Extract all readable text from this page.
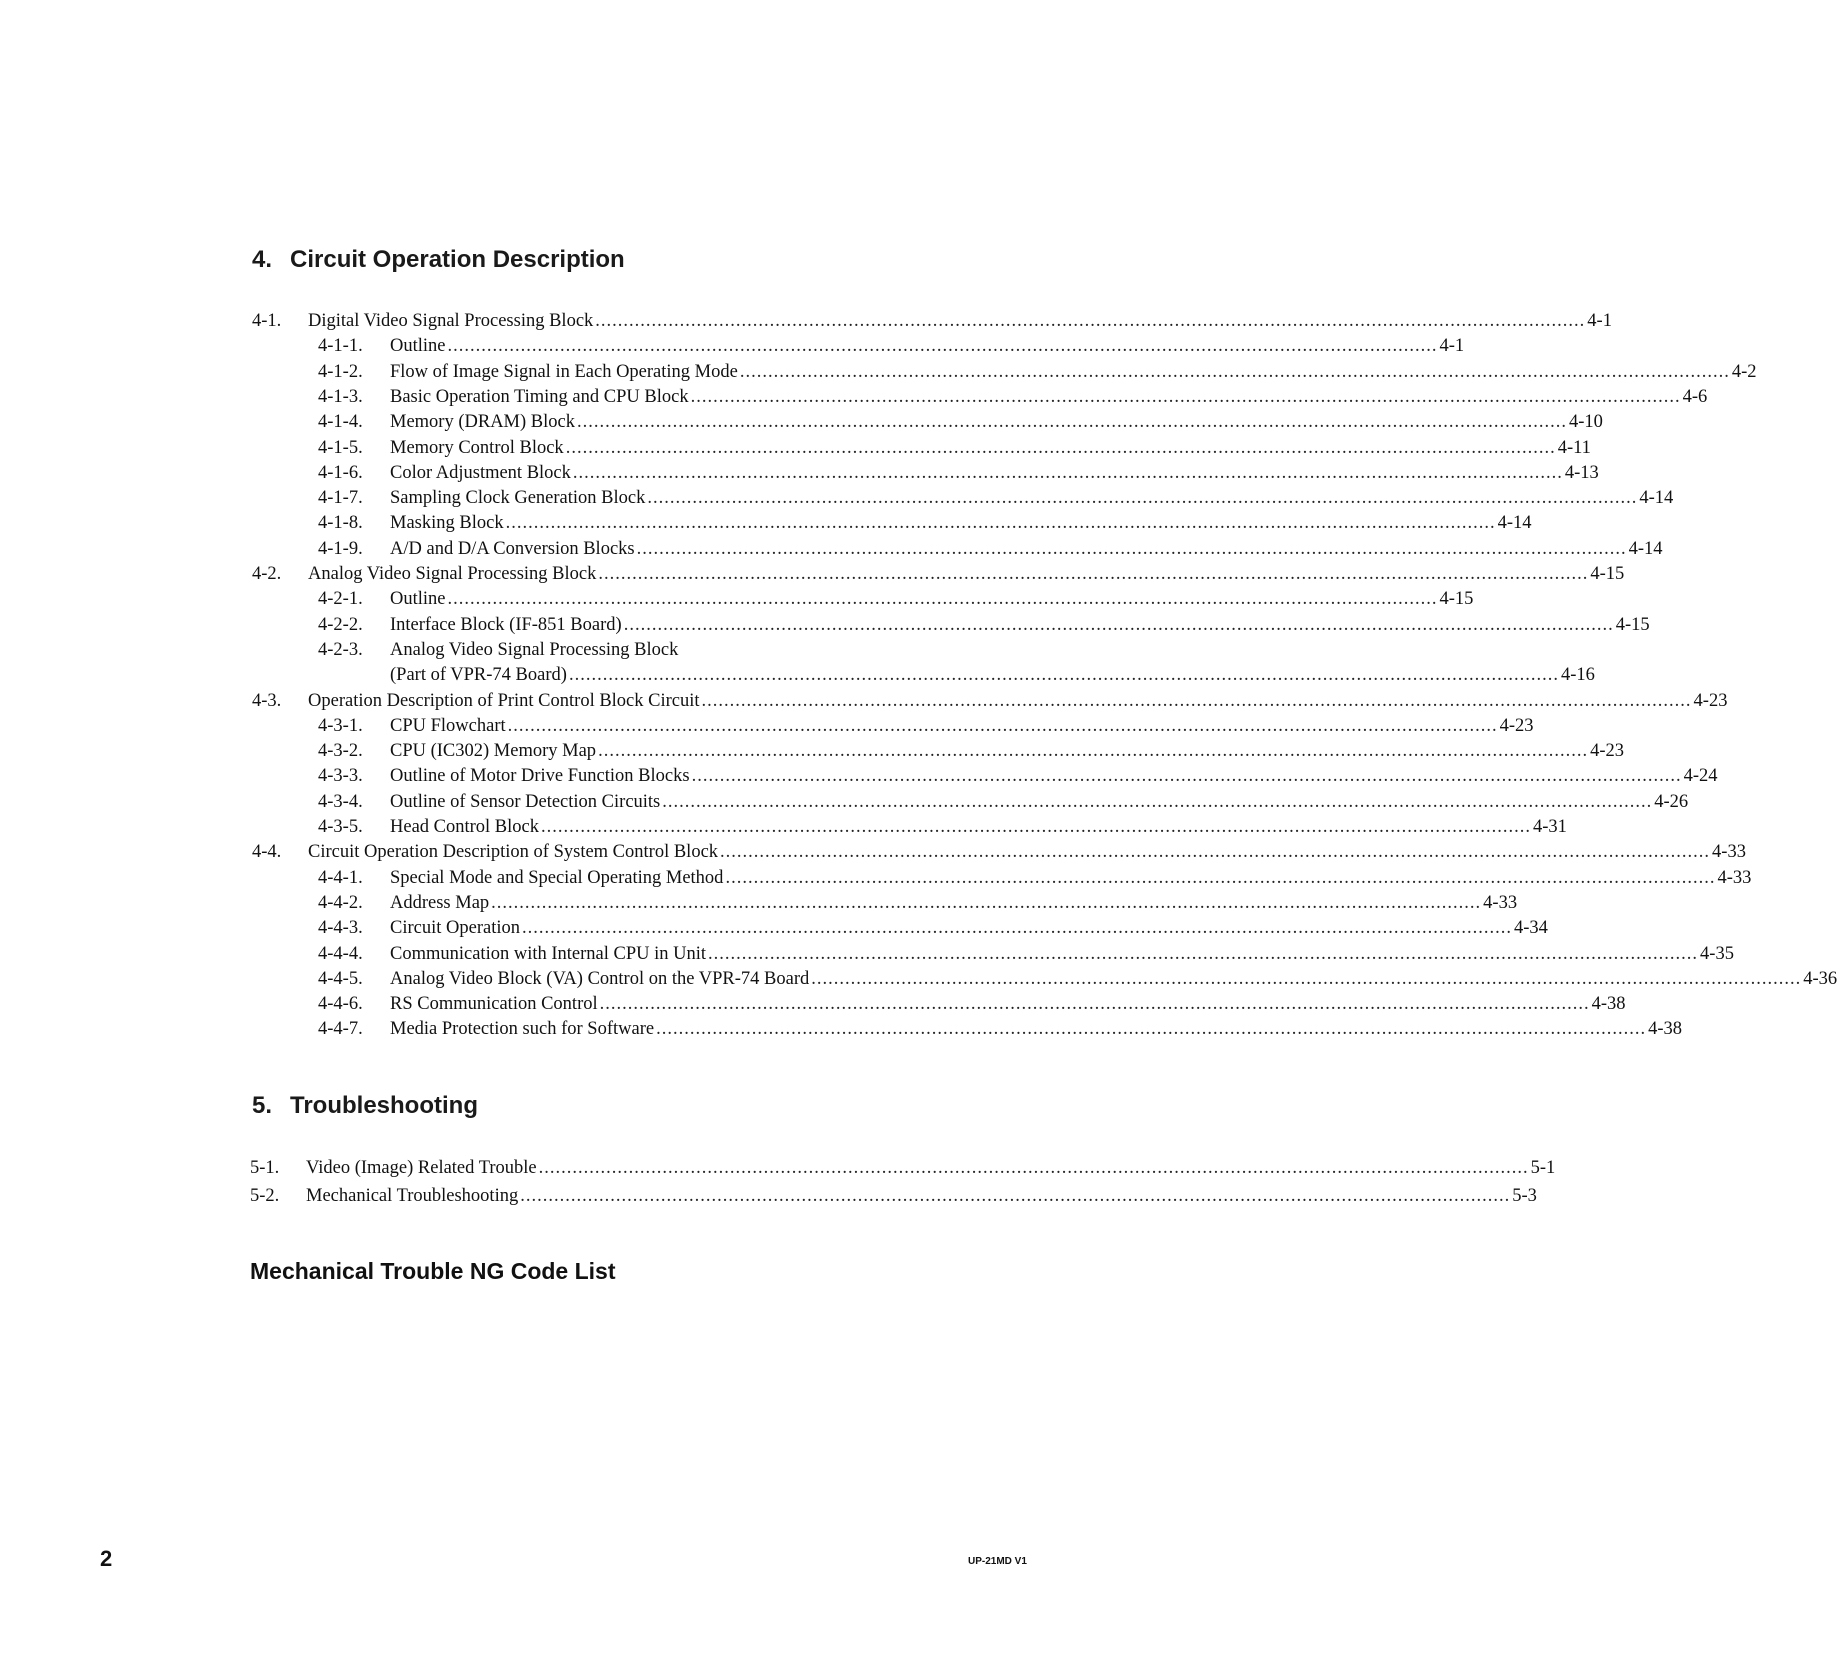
4. Circuit Operation Description
4-1.	Digital Video Signal Processing Block .....	4-1
4-1-1.	Outline .....	4-1
4-1-2.	Flow of Image Signal in Each Operating Mode .....	4-2
4-1-3.	Basic Operation Timing and CPU Block .....	4-6
4-1-4.	Memory (DRAM) Block .....	4-10
4-1-5.	Memory Control Block .....	4-11
4-1-6.	Color Adjustment Block .....	4-13
4-1-7.	Sampling Clock Generation Block .....	4-14
4-1-8.	Masking Block .....	4-14
4-1-9.	A/D and D/A Conversion Blocks .....	4-14
4-2.	Analog Video Signal Processing Block .....	4-15
4-2-1.	Outline .....	4-15
4-2-2.	Interface Block (IF-851 Board) .....	4-15
4-2-3.	Analog Video Signal Processing Block
(Part of VPR-74 Board) .....	4-16
4-3.	Operation Description of Print Control Block Circuit .....	4-23
4-3-1.	CPU Flowchart .....	4-23
4-3-2.	CPU (IC302) Memory Map .....	4-23
4-3-3.	Outline of Motor Drive Function Blocks .....	4-24
4-3-4.	Outline of Sensor Detection Circuits .....	4-26
4-3-5.	Head Control Block .....	4-31
4-4.	Circuit Operation Description of System Control Block .....	4-33
4-4-1.	Special Mode and Special Operating Method .....	4-33
4-4-2.	Address Map .....	4-33
4-4-3.	Circuit Operation .....	4-34
4-4-4.	Communication with Internal CPU in Unit .....	4-35
4-4-5.	Analog Video Block (VA) Control on the VPR-74 Board .....	4-36
4-4-6.	RS Communication Control .....	4-38
4-4-7.	Media Protection such for Software .....	4-38
5. Troubleshooting
5-1.	Video (Image) Related Trouble .....	5-1
5-2.	Mechanical Troubleshooting .....	5-3
Mechanical Trouble NG Code List
2	UP-21MD V1
